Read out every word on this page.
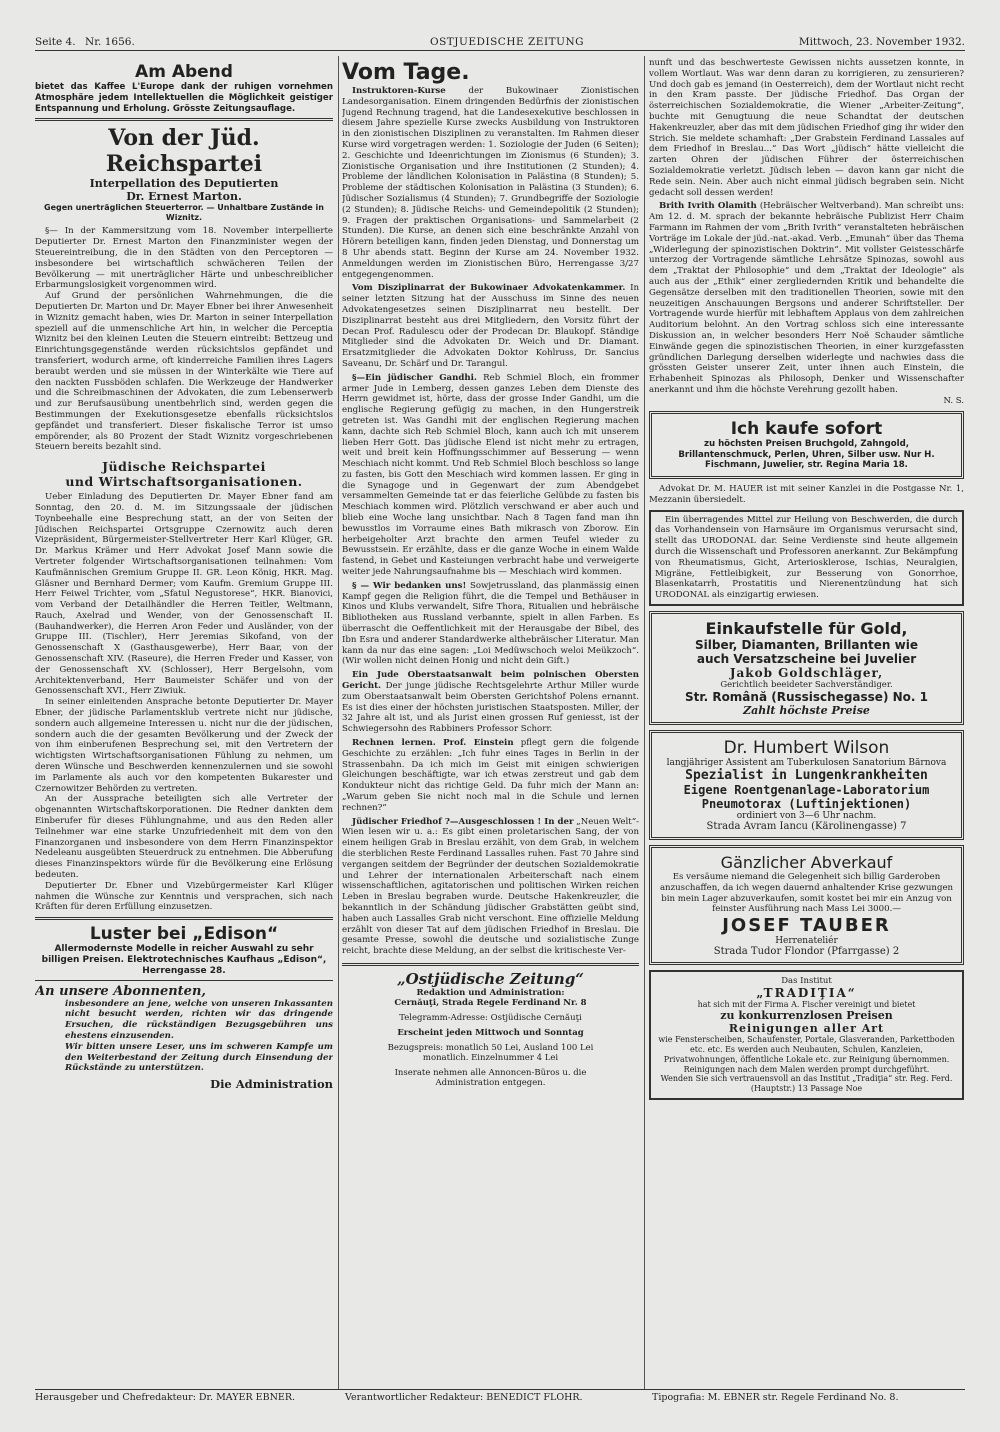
Seite 4. Nr. 1656.	OSTJUEDISCHE ZEITUNG	Mittwoch, 23. November 1932.
Am Abend

bietet das Kaffee L'Europe dank der ruhigen vornehmen Atmosphäre jedem Intellektuellen die Möglichkeit geistiger Entspannung und Erholung. Grösste Zeitungsauflage.

Von der Jüd. Reichspartei
Interpellation des Deputierten
Dr. Ernest Marton.
Gegen unerträglichen Steuerterror. — Unhaltbare Zustände in Wiznitz.

§— In der Kammersitzung vom 18. November interpellierte Deputierter Dr. Ernest Marton den Finanzminister wegen der Steuereintreibung, die in den Städten von den Perceptoren — insbesondere bei wirtschaftlich schwächeren Teilen der Bevölkerung — mit unerträglicher Härte und unbeschreiblicher Erbarmungslosigkeit vorgenommen wird.

Auf Grund der persönlichen Wahrnehmungen, die die Deputierten Dr. Marton und Dr. Mayer Ebner bei ihrer Anwesenheit in Wiznitz gemacht haben, wies Dr. Marton in seiner Interpellation speziell auf die unmenschliche Art hin, in welcher die Perceptia Wiznitz bei den kleinen Leuten die Steuern eintreibt: Bettzeug und Einrichtungsgegenstände werden rücksichtslos gepfändet und transferiert, wodurch arme, oft kinderreiche Familien ihres Lagers beraubt werden und sie müssen in der Winterkälte wie Tiere auf den nackten Fussböden schlafen. Die Werkzeuge der Handwerker und die Schreibmaschinen der Advokaten, die zum Lebenserwerb und zur Berufsausübung unentbehrlich sind, werden gegen die Bestimmungen der Exekutionsgesetze ebenfalls rücksichtslos gepfändet und transferiert. Dieser fiskalische Terror ist umso empörender, als 80 Prozent der Stadt Wiznitz vorgeschriebenen Steuern bereits bezahlt sind.

Jüdische Reichspartei
und Wirtschaftsorganisationen.

Ueber Einladung des Deputierten Dr. Mayer Ebner fand am Sonntag, den 20. d. M. im Sitzungssaale der jüdischen Toynbeehalle eine Besprechung statt, an der von Seiten der Jüdischen Reichspartei Ortsgruppe Czernowitz auch deren Vizepräsident, Bürgermeister-Stellvertreter Herr Karl Klüger, GR. Dr. Markus Krämer und Herr Advokat Josef Mann sowie die Vertreter folgender Wirtschaftsorganisationen teilnahmen: Vom Kaufmännischen Gremium Gruppe II. GR. Leon König, HKR. Mag. Gläsner und Bernhard Dermer; vom Kaufm. Gremium Gruppe III. Herr Feiwel Trichter, vom „Sfatul Negustorese“, HKR. Bianovici, vom Verband der Detailhändler die Herren Teitler, Weltmann, Rauch, Axelrad und Wender, von der Genossenschaft II. (Bauhandwerker), die Herren Aron Feder und Ausländer, von der Gruppe III. (Tischler), Herr Jeremias Sikofand, von der Genossenschaft X (Gasthausgewerbe), Herr Baar, von der Genossenschaft XIV. (Raseure), die Herren Freder und Kasser, von der Genossenschaft XV. (Schlosser), Herr Bergelsohn, vom Architektenverband, Herr Baumeister Schäfer und von der Genossenschaft XVI., Herr Ziwiuk.

In seiner einleitenden Ansprache betonte Deputierter Dr. Mayer Ebner, der jüdische Parlamentsklub vertrete nicht nur jüdische, sondern auch allgemeine Interessen u. nicht nur die der jüdischen, sondern auch die der gesamten Bevölkerung und der Zweck der von ihm einberufenen Besprechung sei, mit den Vertretern der wichtigsten Wirtschaftsorganisationen Fühlung zu nehmen, um deren Wünsche und Beschwerden kennenzulernen und sie sowohl im Parlamente als auch vor den kompetenten Bukarester und Czernowitzer Behörden zu vertreten.

An der Aussprache beteiligten sich alle Vertreter der obgenannten Wirtschaftskorporationen. Die Redner dankten dem Einberufer für dieses Fühlungnahme, und aus den Reden aller Teilnehmer war eine starke Unzufriedenheit mit dem von den Finanzorganen und insbesondere von dem Herrn Finanzinspektor Nedeleanu ausgeübten Steuerdruck zu entnehmen. Die Abberufung dieses Finanzinspektors würde für die Bevölkerung eine Erlösung bedeuten.

Deputierter Dr. Ebner und Vizebürgermeister Karl Klüger nahmen die Wünsche zur Kenntnis und versprachen, sich nach Kräften für deren Erfüllung einzusetzen.

Luster bei „Edison“

Allermodernste Modelle in reicher Auswahl zu sehr billigen Preisen. Elektrotechnisches Kaufhaus „Edison“, Herrengasse 28.

An unsere Abonnenten,

insbesondere an jene, welche von unseren Inkassanten nicht besucht werden, richten wir das dringende Ersuchen, die rückständigen Bezugsgebühren uns ehestens einzusenden.

Wir bitten unsere Leser, uns im schweren Kampfe um den Weiterbestand der Zeitung durch Einsendung der Rückstände zu unterstützen.

Die Administration
Vom Tage.

Instruktoren-Kurse	der Bukowinaer Zionistischen Landesorganisation. Einem dringenden Bedürfnis der zionistischen Jugend Rechnung tragend, hat die Landesexekutive beschlossen in diesem Jahre spezielle Kurse zwecks Ausbildung von Instruktoren in den zionistischen Disziplinen zu veranstalten. Im Rahmen dieser Kurse wird vorgetragen werden: 1. Soziologie der Juden (6 Seiten); 2. Geschichte und Ideenrichtungen im Zionismus (6 Stunden); 3. Zionistische Organisation und ihre Institutionen (2 Stunden); 4. Probleme der ländlichen Kolonisation in Palästina (8 Stunden); 5. Probleme der städtischen Kolonisation in Palästina (3 Stunden); 6. Jüdischer Sozialismus (4 Stunden); 7. Grundbegriffe der Soziologie (2 Stunden); 8. Jüdische Reichs- und Gemeindepolitik (2 Stunden); 9. Fragen der praktischen Organisations- und Sammelarbeit (2 Stunden). Die Kurse, an denen sich eine beschränkte Anzahl von Hörern beteiligen kann, finden jeden Dienstag, und Donnerstag um 8 Uhr abends statt. Beginn der Kurse am 24. November 1932. Anmeldungen werden im Zionistischen Büro, Herrengasse 3/27 entgegengenommen.

Vom Disziplinarrat der Bukowinaer Advokatenkammer. In seiner letzten Sitzung hat der Ausschuss im Sinne des neuen Advokatengesetzes seinen Disziplinarrat neu bestellt. Der Disziplinarrat besteht aus drei Mitgliedern, den Vorsitz führt der Decan Prof. Radulescu oder der Prodecan Dr. Blaukopf. Ständige Mitglieder sind die Advokaten Dr. Weich und Dr. Diamant. Ersatzmitglieder die Advokaten Doktor Kohlruss, Dr. Sancius Saveanu, Dr. Schärf und Dr. Tarangul.

§—Ein jüdischer Gandhi. Reb Schmiel Bloch, ein frommer armer Jude in Lemberg, dessen ganzes Leben dem Dienste des Herrn gewidmet ist, hörte, dass der grosse Inder Gandhi, um die englische Regierung gefügig zu machen, in den Hungerstreik getreten ist. Was Gandhi mit der englischen Regierung machen kann, dachte sich Reb Schmiel Bloch, kann auch ich mit unserem lieben Herr Gott. Das jüdische Elend ist nicht mehr zu ertragen, weit und breit kein Hoffnungsschimmer auf Besserung — wenn Meschiach nicht kommt. Und Reb Schmiel Bloch beschloss so lange zu fasten, bis Gott den Meschiach wird kommen lassen. Er ging in die Synagoge und in Gegenwart der zum Abendgebet versammelten Gemeinde tat er das feierliche Gelübde zu fasten bis Meschiach kommen wird. Plötzlich verschwand er aber auch und blieb eine Woche lang unsichtbar. Nach 8 Tagen fand man ihn bewusstlos im Vorraume eines Bath mikrasch von Zborow. Ein herbeigeholter Arzt brachte den armen Teufel wieder zu Bewusstsein. Er erzählte, dass er die ganze Woche in einem Walde fastend, in Gebet und Kasteiungen verbracht habe und verweigerte weiter jede Nahrungsaufnahme bis — Meschiach wird kommen.

§ — Wir bedanken uns! Sowjetrussland, das planmässig einen Kampf gegen die Religion führt, die die Tempel und Bethäuser in Kinos und Klubs verwandelt, Sifre Thora, Ritualien und hebräische Bibliotheken aus Russland verbannte, spielt in allen Farben. Es überrascht die Oeffentlichkeit mit der Herausgabe der Bibel, des Ibn Esra und anderer Standardwerke althebräischer Literatur. Man kann da nur das eine sagen: „Loi Medüwschoch weloi Meükzoch“. (Wir wollen nicht deinen Honig und nicht dein Gift.)

Ein Jude Oberstaatsanwalt beim polnischen Obersten Gericht. Der junge jüdische Rechtsgelehrte Arthur Miller wurde zum Oberstaatsanwalt beim Obersten Gerichtshof Polens ernannt. Es ist dies einer der höchsten juristischen Staatsposten. Miller, der 32 Jahre alt ist, und als Jurist einen grossen Ruf geniesst, ist der Schwiegersohn des Rabbiners Professor Schorr.

Rechnen lernen. Prof. Einstein pflegt gern die folgende Geschichte zu erzählen: „Ich fuhr eines Tages in Berlin in der Strassenbahn. Da ich mich im Geist mit einigen schwierigen Gleichungen beschäftigte, war ich etwas zerstreut und gab dem Kondukteur nicht das richtige Geld. Da fuhr mich der Mann an: „Warum geben Sie nicht noch mal in die Schule und lernen rechnen?“

Jüdischer Friedhof ?—Ausgeschlossen ! In der „Neuen Welt“-Wien lesen wir u. a.: Es gibt einen proletarischen Sang, der von einem heiligen Grab in Breslau erzählt, von dem Grab, in welchem die sterblichen Reste Ferdinand Lassalles ruhen. Fast 70 Jahre sind vergangen seitdem der Begründer der deutschen Sozialdemokratie und Lehrer der internationalen Arbeiterschaft nach einem wissenschaftlichen, agitatorischen und politischen Wirken reichen Leben in Breslau begraben wurde. Deutsche Hakenkreuzler, die bekanntlich in der Schändung jüdischer Grabstätten geübt sind, haben auch Lassalles Grab nicht verschont. Eine offizielle Meldung erzählt von dieser Tat auf dem jüdischen Friedhof in Breslau. Die gesamte Presse, sowohl die deutsche und sozialistische Zunge reicht, brachte diese Meldung, an der selbst die kritischeste Ver-

„Ostjüdische Zeitung“
Redaktion und Administration:
Cernăuţi, Strada Regele Ferdinand Nr. 8
Telegramm-Adresse: Ostjüdische Cernăuţi
Erscheint jeden Mittwoch und Sonntag
Bezugspreis: monatlich 50 Lei, Ausland 100 Lei monatlich. Einzelnummer 4 Lei
Inserate nehmen alle Annoncen-Büros u. die Administration entgegen.

nunft und das beschwerteste Gewissen nichts aussetzen konnte, in vollem Wortlaut. Was war denn daran zu korrigieren, zu zensurieren? Und doch gab es jemand (in Oesterreich), dem der Wortlaut nicht recht in den Kram passte. Der jüdische Friedhof. Das Organ der österreichischen Sozialdemokratie, die Wiener „Arbeiter-Zeitung“, buchte mit Genugtuung die neue Schandtat der deutschen Hakenkreuzler, aber das mit dem jüdischen Friedhof ging ihr wider den Strich. Sie meldete schamhaft: „Der Grabstein Ferdinand Lassales auf dem Friedhof in Breslau...“ Das Wort „jüdisch“ hätte vielleicht die zarten Ohren der jüdischen Führer der österreichischen Sozialdemokratie verletzt. Jüdisch leben — davon kann gar nicht die Rede sein. Nein. Aber auch nicht einmal jüdisch begraben sein. Nicht gedacht soll dessen werden!

Brith Ivrith Olamith (Hebräischer Weltverband). Man schreibt uns: Am 12. d. M. sprach der bekannte hebräische Publizist Herr Chaim Farmann im Rahmen der vom „Brith Ivrith“ veranstalteten hebräischen Vorträge im Lokale der jüd.-nat.-akad. Verb. „Emunah“ über das Thema „Widerlegung der spinozistischen Doktrin“. Mit vollster Geistesschärfe unterzog der Vortragende sämtliche Lehrsätze Spinozas, sowohl aus dem „Traktat der Philosophie“ und dem „Traktat der Ideologie“ als auch aus der „Ethik“ einer zergliedernden Kritik und behandelte die Gegensätze derselben mit den traditionellen Theorien, sowie mit den neuzeitigen Anschauungen Bergsons und anderer Schriftsteller. Der Vortragende wurde hierfür mit lebhaftem Applaus von dem zahlreichen Auditorium belohnt. An den Vortrag schloss sich eine interessante Diskussion an, in welcher besonders Herr Noë Schauder sämtliche Einwände gegen die spinozistischen Theorien, in einer kurzgefassten gründlichen Darlegung derselben widerlegte und nachwies dass die grössten Geister unserer Zeit, unter ihnen auch Einstein, die Erhabenheit Spinozas als Philosoph, Denker und Wissenschafter anerkannt und ihm die höchste Verehrung gezollt haben.

N. S.
Ich kaufe sofort

zu höchsten Preisen Bruchgold, Zahngold, Brillantenschmuck, Perlen, Uhren, Silber usw. Nur H. Fischmann, Juwelier, str. Regina Maria 18.

Advokat Dr. M. HAUER ist mit seiner Kanzlei in die Postgasse Nr. 1, Mezzanin übersiedelt.

Ein überragendes Mittel zur Heilung von Beschwerden, die durch das Vorhandensein von Harnsäure im Organismus verursacht sind, stellt das URODONAL dar. Seine Verdienste sind heute allgemein durch die Wissenschaft und Professoren anerkannt. Zur Bekämpfung von Rheumatismus, Gicht, Arteriosklerose, Ischias, Neuralgien, Migräne, Fettleibigkeit, zur Besserung von Gonorrhoe, Blasenkatarrh, Prostatitis und Nierenentzündung hat sich URODONAL als einzigartig erwiesen.

Einkaufstelle für Gold,
Silber, Diamanten, Brillanten wie
auch Versatzscheine bei Juvelier
Jakob Goldschläger,
Gerichtlich beeideter Sachverständiger.
Str. Română (Russischegasse) No. 1
Zahlt höchste Preise
Dr. Humbert Wilson
langjähriger Assistent am Tuberkulosen Sanatorium Bărnova
Spezialist in Lungenkrankheiten
Eigene Roentgenanlage-Laboratorium
Pneumotorax (Luftinjektionen)
ordiniert von 3—6 Uhr nachm.
Strada Avram Iancu (Kärolinengasse) 7
Gänzlicher Abverkauf

Es versäume niemand die Gelegenheit sich billig Garderoben anzuschaffen, da ich wegen dauernd anhaltender Krise gezwungen bin mein Lager abzuverkaufen, somit kostet bei mir ein Anzug von feinster Ausführung nach Mass Lei 3000.—

JOSEF TAUBER
Herrenateliér
Strada Tudor Flondor (Pfarrgasse) 2
Das Institut
„TRADIŢIA“
hat sich mit der Firma A. Fischer vereinigt und bietet
zu konkurrenzlosen Preisen
Reinigungen aller Art

wie Fensterscheiben, Schaufenster, Portale, Glasveranden, Parkettboden etc. etc. Es werden auch Neubauten, Schulen, Kanzleien, Privatwohnungen, öffentliche Lokale etc. zur Reinigung übernommen. Reinigungen nach dem Malen werden prompt durchgeführt.

Wenden Sie sich vertrauensvoll an das Institut „Tradiţia“ str. Reg. Ferd. (Hauptstr.) 13 Passage Noe

Herausgeber und Chefredakteur: Dr. MAYER EBNER.	Verantwortlicher Redakteur: BENEDICT FLOHR.	Tipografia: M. EBNER str. Regele Ferdinand No. 8.
